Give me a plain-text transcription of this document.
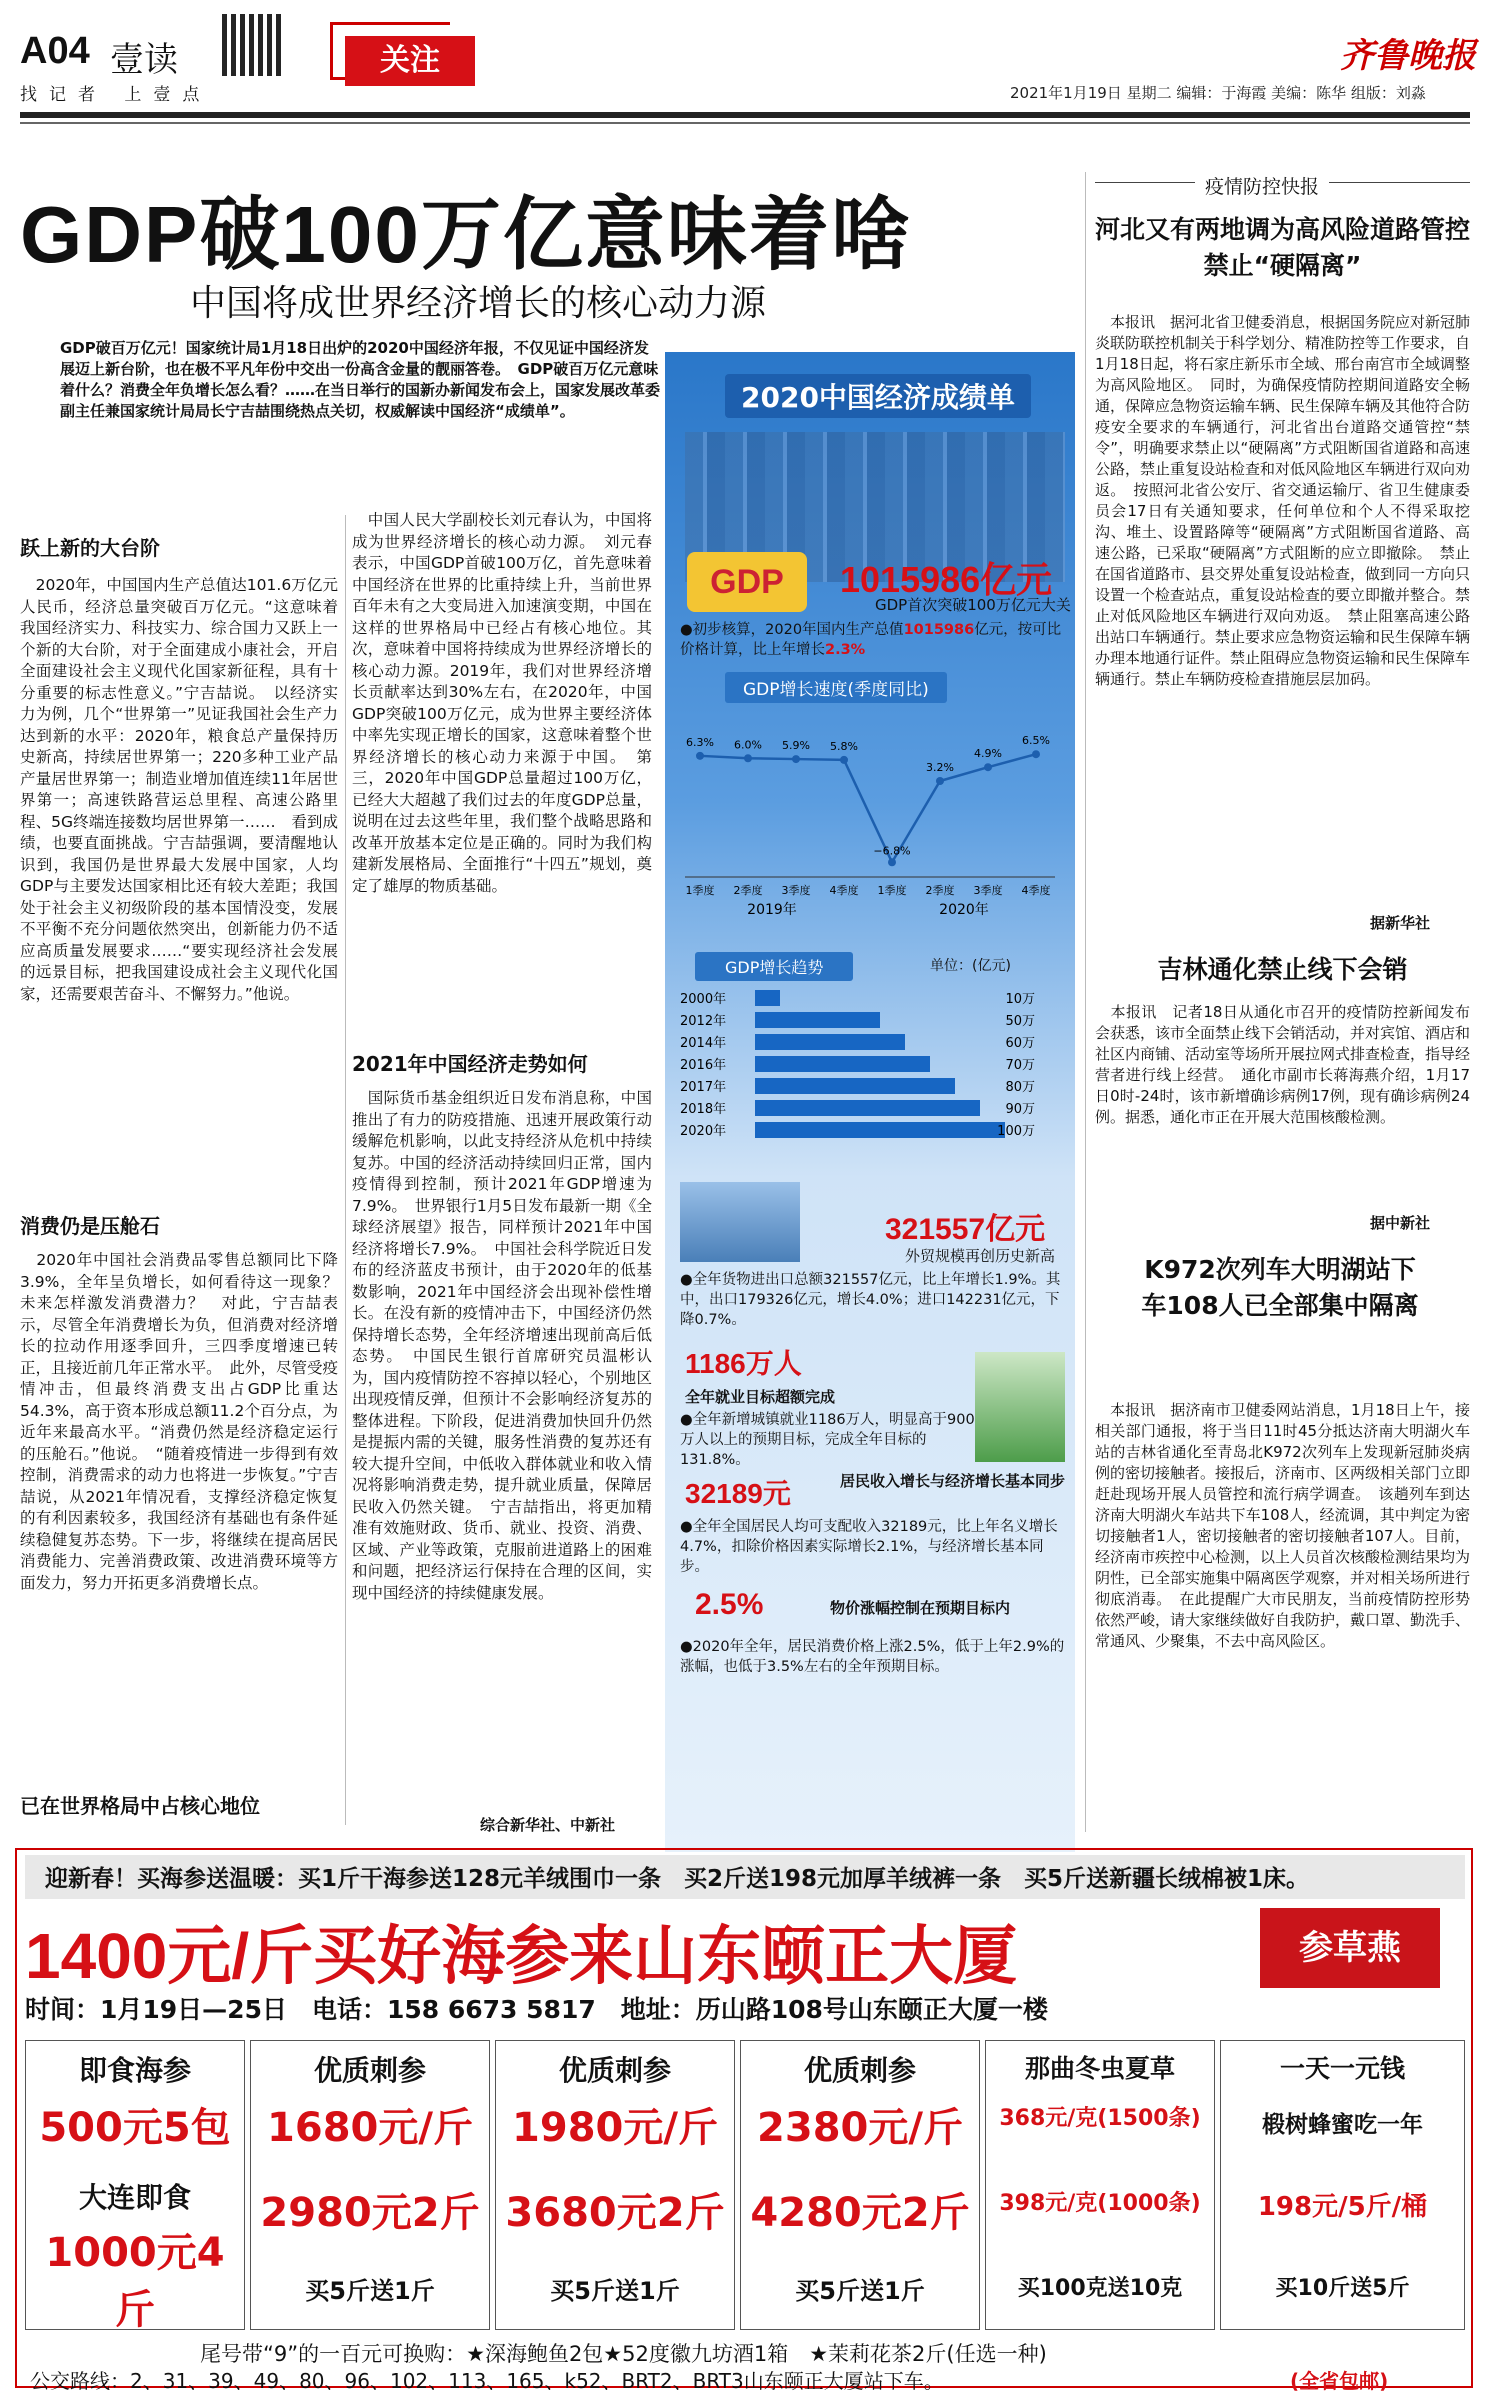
A04 壹读
找记者 上壹点
关注	齐鲁晚报
2021年1月19日 星期二 编辑：于海霞 美编：陈华 组版：刘淼
GDP破100万亿意味着啥
中国将成世界经济增长的核心动力源
GDP破百万亿元！国家统计局1月18日出炉的2020中国经济年报，不仅见证中国经济发展迈上新台阶，也在极不平凡年份中交出一份高含金量的靓丽答卷。　GDP破百万亿元意味着什么？消费全年负增长怎么看？……在当日举行的国新办新闻发布会上，国家发展改革委副主任兼国家统计局局长宁吉喆围绕热点关切，权威解读中国经济“成绩单”。
跃上新的大台阶
　2020年，中国国内生产总值达101.6万亿元人民币，经济总量突破百万亿元。“这意味着我国经济实力、科技实力、综合国力又跃上一个新的大台阶，对于全面建成小康社会，开启全面建设社会主义现代化国家新征程，具有十分重要的标志性意义。”宁吉喆说。　以经济实力为例，几个“世界第一”见证我国社会生产力达到新的水平：2020年，粮食总产量保持历史新高，持续居世界第一；220多种工业产品产量居世界第一；制造业增加值连续11年居世界第一；高速铁路营运总里程、高速公路里程、5G终端连接数均居世界第一……　看到成绩，也要直面挑战。宁吉喆强调，要清醒地认识到，我国仍是世界最大发展中国家，人均GDP与主要发达国家相比还有较大差距；我国处于社会主义初级阶段的基本国情没变，发展不平衡不充分问题依然突出，创新能力仍不适应高质量发展要求……“要实现经济社会发展的远景目标，把我国建设成社会主义现代化国家，还需要艰苦奋斗、不懈努力。”他说。
消费仍是压舱石
　2020年中国社会消费品零售总额同比下降3.9%，全年呈负增长，如何看待这一现象？未来怎样激发消费潜力？　对此，宁吉喆表示，尽管全年消费增长为负，但消费对经济增长的拉动作用逐季回升，三四季度增速已转正，且接近前几年正常水平。　此外，尽管受疫情冲击，但最终消费支出占GDP比重达54.3%，高于资本形成总额11.2个百分点，为近年来最高水平。“消费仍然是经济稳定运行的压舱石。”他说。　“随着疫情进一步得到有效控制，消费需求的动力也将进一步恢复。”宁吉喆说，从2021年情况看，支撑经济稳定恢复的有利因素较多，我国经济有基础也有条件延续稳健复苏态势。下一步，将继续在提高居民消费能力、完善消费政策、改进消费环境等方面发力，努力开拓更多消费增长点。
已在世界格局中占核心地位
　中国人民大学副校长刘元春认为，中国将成为世界经济增长的核心动力源。　刘元春表示，中国GDP首破100万亿，首先意味着中国经济在世界的比重持续上升，当前世界百年未有之大变局进入加速演变期，中国在这样的世界格局中已经占有核心地位。其次，意味着中国将持续成为世界经济增长的核心动力源。2019年，我们对世界经济增长贡献率达到30%左右，在2020年，中国GDP突破100万亿元，成为世界主要经济体中率先实现正增长的国家，这意味着整个世界经济增长的核心动力来源于中国。　第三，2020年中国GDP总量超过100万亿，已经大大超越了我们过去的年度GDP总量，说明在过去这些年里，我们整个战略思路和改革开放基本定位是正确的。同时为我们构建新发展格局、全面推行“十四五”规划，奠定了雄厚的物质基础。
2021年中国经济走势如何
　国际货币基金组织近日发布消息称，中国推出了有力的防疫措施、迅速开展政策行动缓解危机影响，以此支持经济从危机中持续复苏。中国的经济活动持续回归正常，国内疫情得到控制，预计2021年GDP增速为7.9%。　世界银行1月5日发布最新一期《全球经济展望》报告，同样预计2021年中国经济将增长7.9%。　中国社会科学院近日发布的经济蓝皮书预计，由于2020年的低基数影响，2021年中国经济会出现补偿性增长。在没有新的疫情冲击下，中国经济仍然保持增长态势，全年经济增速出现前高后低态势。　中国民生银行首席研究员温彬认为，国内疫情防控不容掉以轻心，个别地区出现疫情反弹，但预计不会影响经济复苏的整体进程。下阶段，促进消费加快回升仍然是提振内需的关键，服务性消费的复苏还有较大提升空间，中低收入群体就业和收入情况将影响消费走势，提升就业质量，保障居民收入仍然关键。　宁吉喆指出，将更加精准有效施财政、货币、就业、投资、消费、区域、产业等政策，克服前进道路上的困难和问题，把经济运行保持在合理的区间，实现中国经济的持续健康发展。
综合新华社、中新社
2020中国经济成绩单
GDP	1015986亿元
GDP首次突破100万亿元大关
●初步核算，2020年国内生产总值1015986亿元，按可比价格计算，比上年增长2.3%
GDP增长速度(季度同比)
6.3%
1季度
6.0%
2季度
5.9%
3季度
5.8%
4季度
−6.8%
1季度
3.2%
2季度
4.9%
3季度
6.5%
4季度
2019年	2020年
GDP增长趋势	单位：(亿元)
2000年	10万
2012年	50万
2014年	60万
2016年	70万
2017年	80万
2018年	90万
2020年	100万
321557亿元
外贸规模再创历史新高
●全年货物进出口总额321557亿元，比上年增长1.9%。其中，出口179326亿元，增长4.0%；进口142231亿元，下降0.7%。
1186万人
全年就业目标超额完成
●全年新增城镇就业1186万人，明显高于900万人以上的预期目标，完成全年目标的131.8%。
32189元	居民收入增长与经济增长基本同步
●全年全国居民人均可支配收入32189元，比上年名义增长4.7%，扣除价格因素实际增长2.1%，与经济增长基本同步。
2.5%	物价涨幅控制在预期目标内
●2020年全年，居民消费价格上涨2.5%，低于上年2.9%的涨幅，也低于3.5%左右的全年预期目标。
疫情防控快报
河北又有两地调为高风险道路管控禁止“硬隔离”
　本报讯　据河北省卫健委消息，根据国务院应对新冠肺炎联防联控机制关于科学划分、精准防控等工作要求，自1月18日起，将石家庄新乐市全域、邢台南宫市全域调整为高风险地区。　同时，为确保疫情防控期间道路安全畅通，保障应急物资运输车辆、民生保障车辆及其他符合防疫安全要求的车辆通行，河北省出台道路交通管控“禁令”，明确要求禁止以“硬隔离”方式阻断国省道路和高速公路，禁止重复设站检查和对低风险地区车辆进行双向劝返。　按照河北省公安厅、省交通运输厅、省卫生健康委员会17日有关通知要求，任何单位和个人不得采取挖沟、堆土、设置路障等“硬隔离”方式阻断国省道路、高速公路，已采取“硬隔离”方式阻断的应立即撤除。　禁止在国省道路市、县交界处重复设站检查，做到同一方向只设置一个检查站点，重复设站检查的要立即撤并整合。禁止对低风险地区车辆进行双向劝返。　禁止阻塞高速公路出站口车辆通行。禁止要求应急物资运输和民生保障车辆办理本地通行证件。禁止阻碍应急物资运输和民生保障车辆通行。禁止车辆防疫检查措施层层加码。
据新华社
吉林通化禁止线下会销
　本报讯　记者18日从通化市召开的疫情防控新闻发布会获悉，该市全面禁止线下会销活动，并对宾馆、酒店和社区内商铺、活动室等场所开展拉网式排查检查，指导经营者进行线上经营。　通化市副市长蒋海燕介绍，1月17日0时-24时，该市新增确诊病例17例，现有确诊病例24例。据悉，通化市正在开展大范围核酸检测。
据中新社
K972次列车大明湖站下车108人已全部集中隔离
　本报讯　据济南市卫健委网站消息，1月18日上午，接相关部门通报，将于当日11时45分抵达济南大明湖火车站的吉林省通化至青岛北K972次列车上发现新冠肺炎病例的密切接触者。接报后，济南市、区两级相关部门立即赶赴现场开展人员管控和流行病学调查。　该趟列车到达济南大明湖火车站共下车108人，经流调，其中判定为密切接触者1人，密切接触者的密切接触者107人。目前，经济南市疾控中心检测，以上人员首次核酸检测结果均为阴性，已全部实施集中隔离医学观察，并对相关场所进行彻底消毒。　在此提醒广大市民朋友，当前疫情防控形势依然严峻，请大家继续做好自我防护，戴口罩、勤洗手、常通风、少聚集，不去中高风险区。
迎新春！买海参送温暖：买1斤干海参送128元羊绒围巾一条　买2斤送198元加厚羊绒裤一条　买5斤送新疆长绒棉被1床。
1400元/斤买好海参来山东颐正大厦	参草燕
时间：1月19日—25日　电话：158 6673 5817　地址：历山路108号山东颐正大厦一楼
即食海参
500元5包
大连即食
1000元4斤
优质刺参
1680元/斤
2980元2斤
买5斤送1斤
优质刺参
1980元/斤
3680元2斤
买5斤送1斤
优质刺参
2380元/斤
4280元2斤
买5斤送1斤
那曲冬虫夏草
368元/克(1500条)
398元/克(1000条)
买100克送10克
一天一元钱
椴树蜂蜜吃一年
198元/5斤/桶
买10斤送5斤
尾号带“9”的一百元可换购：★深海鲍鱼2包★52度徽九坊酒1箱　★茉莉花茶2斤(任选一种)
公交路线：2、31、39、49、80、96、102、113、165、k52、BRT2、BRT3山东颐正大厦站下车。	(全省包邮)
